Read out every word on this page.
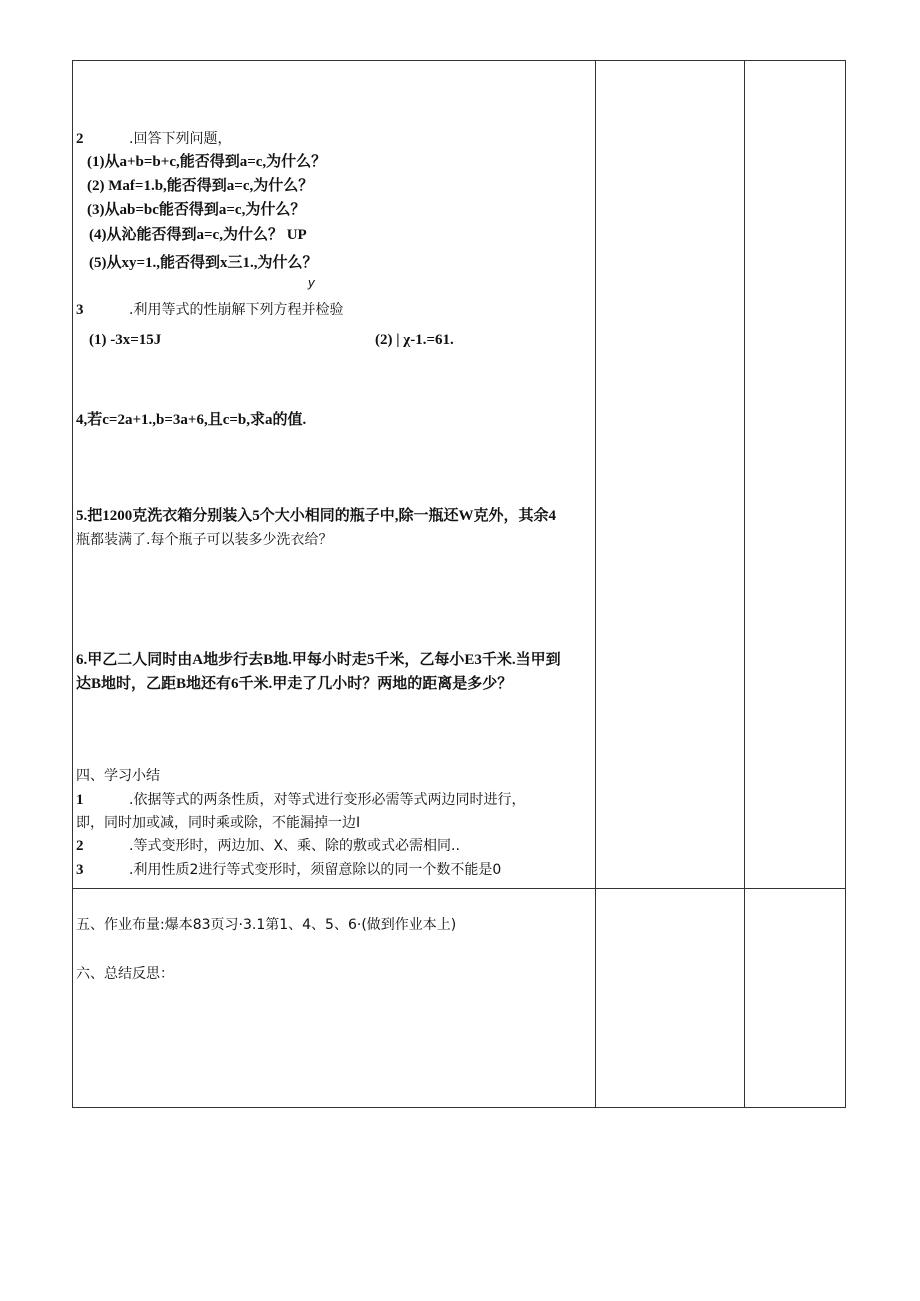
2	.回答下列问题，
(1)从a+b=b+c,能否得到a=c,为什么？
(2) Maf=1.b,能否得到a=c,为什么？
(3)从ab=bc能否得到a=c,为什么？
(4)从沁能否得到a=c,为什么？ UP
(5)从xy=1.,能否得到x三1.,为什么？
y
3	.利用等式的性崩解下列方程并检验
(1) -3x=15J	(2) | χ-1.=61.
4,若c=2a+1.,b=3a+6,且c=b,求a的值.
5.把1200克洗衣箱分别装入5个大小相同的瓶子中,除一瓶还W克外，其余4
瓶都装满了.每个瓶子可以装多少洗衣给？
6.甲乙二人同时由A地步行去B地.甲每小时走5千米，乙每小E3千米.当甲到
达B地时，乙距B地还有6千米.甲走了几小时？两地的距离是多少？
四、学习小结
1	.依据等式的两条性质，对等式进行变形必需等式两边同时进行，
即，同时加或减，同时乘或除，不能漏掉一边I
2	.等式变形时，两边加、X、乘、除的敷或式必需相同..
3	.利用性质2进行等式变形时，须留意除以的同一个数不能是0
五、作业布量:爆本83页习·3.1第1、4、5、6·(做到作业本上)
六、总结反思：
